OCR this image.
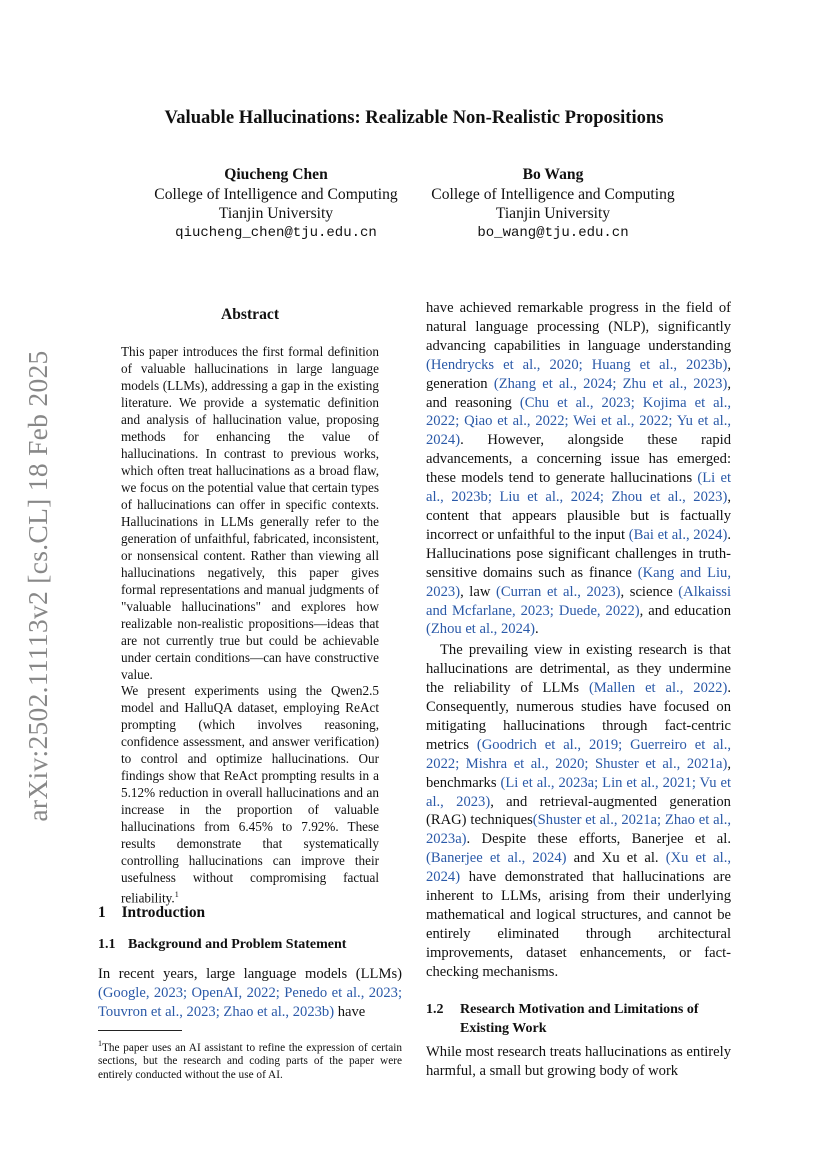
arXiv:2502.11113v2 [cs.CL] 18 Feb 2025
Valuable Hallucinations: Realizable Non-Realistic Propositions
Qiucheng Chen
College of Intelligence and Computing
Tianjin University
qiucheng_chen@tju.edu.cn
Bo Wang
College of Intelligence and Computing
Tianjin University
bo_wang@tju.edu.cn
Abstract

This paper introduces the first formal definition of valuable hallucinations in large language models (LLMs), addressing a gap in the existing literature. We provide a systematic definition and analysis of hallucination value, proposing methods for enhancing the value of hallucinations. In contrast to previous works, which often treat hallucinations as a broad flaw, we focus on the potential value that certain types of hallucinations can offer in specific contexts. Hallucinations in LLMs generally refer to the generation of unfaithful, fabricated, inconsistent, or nonsensical content. Rather than viewing all hallucinations negatively, this paper gives formal representations and manual judgments of "valuable hallucinations" and explores how realizable non-realistic propositions—ideas that are not currently true but could be achievable under certain conditions—can have constructive value.

We present experiments using the Qwen2.5 model and HalluQA dataset, employing ReAct prompting (which involves reasoning, confidence assessment, and answer verification) to control and optimize hallucinations. Our findings show that ReAct prompting results in a 5.12% reduction in overall hallucinations and an increase in the proportion of valuable hallucinations from 6.45% to 7.92%. These results demonstrate that systematically controlling hallucinations can improve their usefulness without compromising factual reliability.$^1$

1 Introduction
1.1 Background and Problem Statement

In recent years, large language models (LLMs) (Google, 2023; OpenAI, 2022; Penedo et al., 2023; Touvron et al., 2023; Zhao et al., 2023b) have

$^1$The paper uses an AI assistant to refine the expression of certain sections, but the research and coding parts of the paper were entirely conducted without the use of AI.

have achieved remarkable progress in the field of natural language processing (NLP), significantly advancing capabilities in language understanding (Hendrycks et al., 2020; Huang et al., 2023b), generation (Zhang et al., 2024; Zhu et al., 2023), and reasoning (Chu et al., 2023; Kojima et al., 2022; Qiao et al., 2022; Wei et al., 2022; Yu et al., 2024). However, alongside these rapid advancements, a concerning issue has emerged: these models tend to generate hallucinations (Li et al., 2023b; Liu et al., 2024; Zhou et al., 2023), content that appears plausible but is factually incorrect or unfaithful to the input (Bai et al., 2024). Hallucinations pose significant challenges in truth-sensitive domains such as finance (Kang and Liu, 2023), law (Curran et al., 2023), science (Alkaissi and Mcfarlane, 2023; Duede, 2022), and education (Zhou et al., 2024).

The prevailing view in existing research is that hallucinations are detrimental, as they undermine the reliability of LLMs (Mallen et al., 2022). Consequently, numerous studies have focused on mitigating hallucinations through fact-centric metrics (Goodrich et al., 2019; Guerreiro et al., 2022; Mishra et al., 2020; Shuster et al., 2021a), benchmarks (Li et al., 2023a; Lin et al., 2021; Vu et al., 2023), and retrieval-augmented generation (RAG) techniques(Shuster et al., 2021a; Zhao et al., 2023a). Despite these efforts, Banerjee et al. (Banerjee et al., 2024) and Xu et al. (Xu et al., 2024) have demonstrated that hallucinations are inherent to LLMs, arising from their underlying mathematical and logical structures, and cannot be entirely eliminated through architectural improvements, dataset enhancements, or fact-checking mechanisms.

1.2	Research Motivation and Limitations of Existing Work

While most research treats hallucinations as entirely harmful, a small but growing body of work
